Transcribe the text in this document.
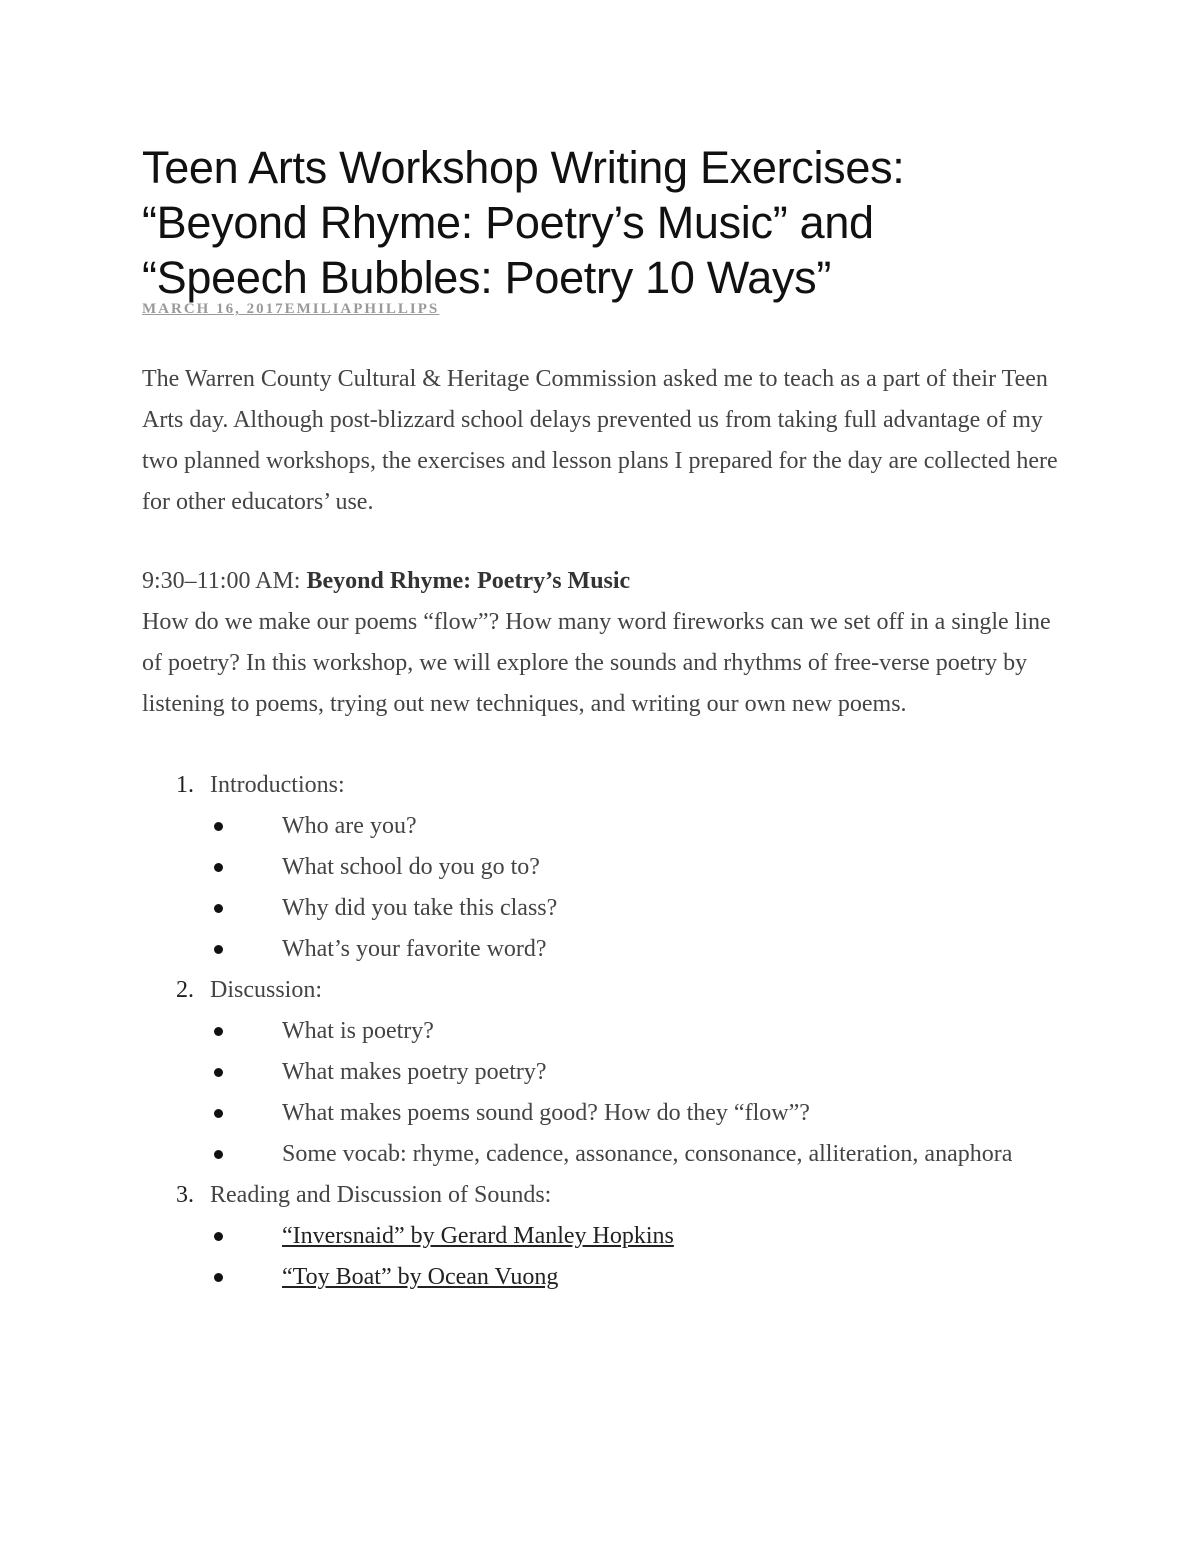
Teen Arts Workshop Writing Exercises:
“Beyond Rhyme: Poetry’s Music” and
“Speech Bubbles: Poetry 10 Ways”
MARCH 16, 2017EMILIAPHILLIPS

The Warren County Cultural & Heritage Commission asked me to teach as a part of their Teen Arts day. Although post-blizzard school delays prevented us from taking full advantage of my two planned workshops, the exercises and lesson plans I prepared for the day are collected here for other educators’ use.

9:30–11:00 AM: Beyond Rhyme: Poetry’s Music

How do we make our poems “flow”? How many word fireworks can we set off in a single line of poetry? In this workshop, we will explore the sounds and rhythms of free-verse poetry by listening to poems, trying out new techniques, and writing our own new poems.

1. Introductions:
Who are you?
What school do you go to?
Why did you take this class?
What’s your favorite word?
2. Discussion:
What is poetry?
What makes poetry poetry?
What makes poems sound good? How do they “flow”?
Some vocab: rhyme, cadence, assonance, consonance, alliteration, anaphora
3. Reading and Discussion of Sounds:
“Inversnaid” by Gerard Manley Hopkins
“Toy Boat” by Ocean Vuong
